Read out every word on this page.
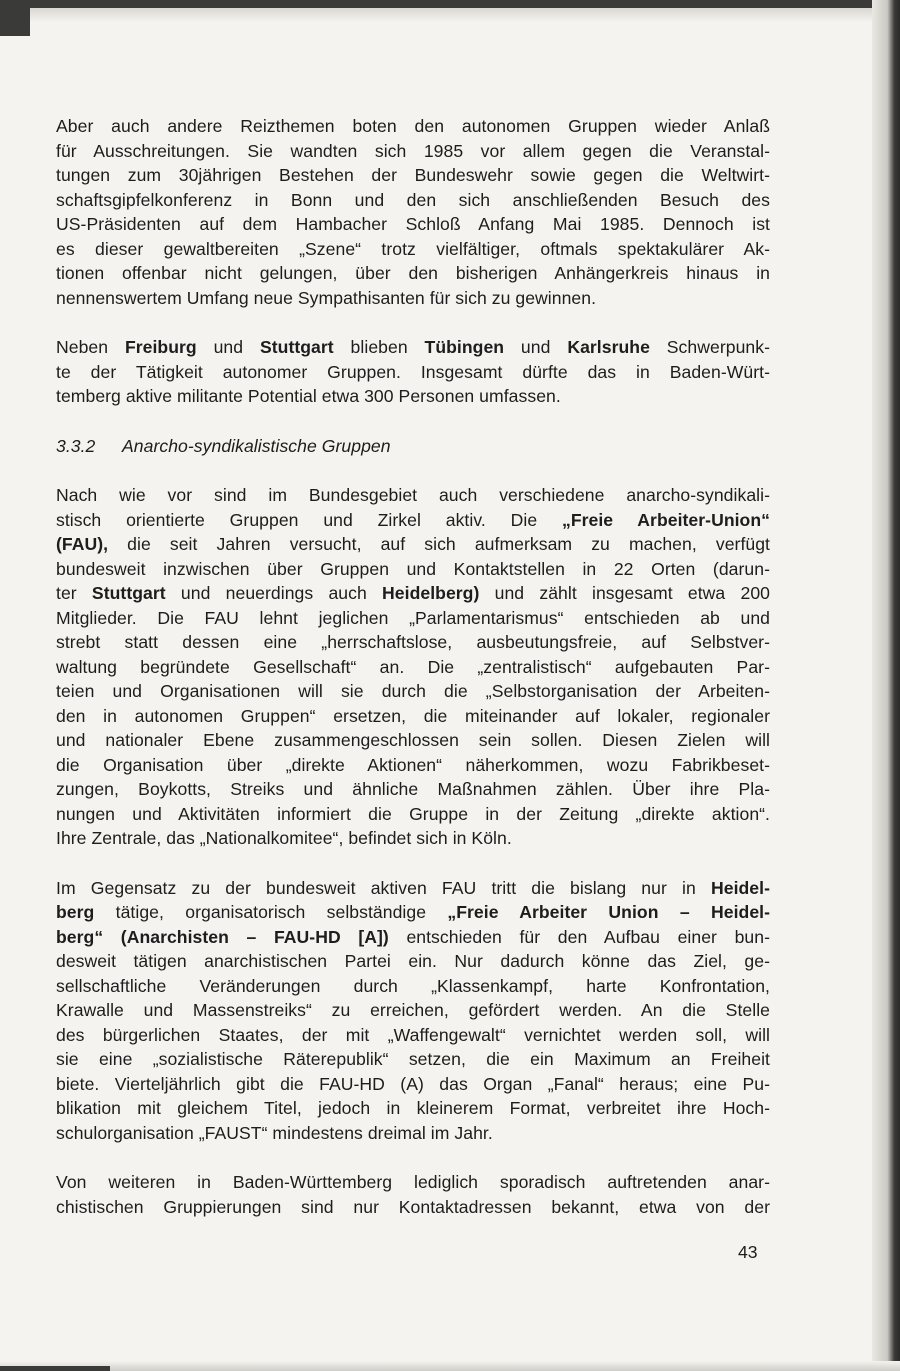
Aber auch andere Reizthemen boten den autonomen Gruppen wieder Anlaß
für Ausschreitungen. Sie wandten sich 1985 vor allem gegen die Veranstal-
tungen zum 30jährigen Bestehen der Bundeswehr sowie gegen die Weltwirt-
schaftsgipfelkonferenz in Bonn und den sich anschließenden Besuch des
US-Präsidenten auf dem Hambacher Schloß Anfang Mai 1985. Dennoch ist
es dieser gewaltbereiten „Szene“ trotz vielfältiger, oftmals spektakulärer Ak-
tionen offenbar nicht gelungen, über den bisherigen Anhängerkreis hinaus in
nennenswertem Umfang neue Sympathisanten für sich zu gewinnen.

Neben Freiburg und Stuttgart blieben Tübingen und Karlsruhe Schwerpunk-
te der Tätigkeit autonomer Gruppen. Insgesamt dürfte das in Baden-Würt-
temberg aktive militante Potential etwa 300 Personen umfassen.

3.3.2 Anarcho-syndikalistische Gruppen

Nach wie vor sind im Bundesgebiet auch verschiedene anarcho-syndikali-
stisch orientierte Gruppen und Zirkel aktiv. Die „Freie Arbeiter-Union“
(FAU), die seit Jahren versucht, auf sich aufmerksam zu machen, verfügt
bundesweit inzwischen über Gruppen und Kontaktstellen in 22 Orten (darun-
ter Stuttgart und neuerdings auch Heidelberg) und zählt insgesamt etwa 200
Mitglieder. Die FAU lehnt jeglichen „Parlamentarismus“ entschieden ab und
strebt statt dessen eine „herrschaftslose, ausbeutungsfreie, auf Selbstver-
waltung begründete Gesellschaft“ an. Die „zentralistisch“ aufgebauten Par-
teien und Organisationen will sie durch die „Selbstorganisation der Arbeiten-
den in autonomen Gruppen“ ersetzen, die miteinander auf lokaler, regionaler
und nationaler Ebene zusammengeschlossen sein sollen. Diesen Zielen will
die Organisation über „direkte Aktionen“ näherkommen, wozu Fabrikbeset-
zungen, Boykotts, Streiks und ähnliche Maßnahmen zählen. Über ihre Pla-
nungen und Aktivitäten informiert die Gruppe in der Zeitung „direkte aktion“.
Ihre Zentrale, das „Nationalkomitee“, befindet sich in Köln.

Im Gegensatz zu der bundesweit aktiven FAU tritt die bislang nur in Heidel-
berg tätige, organisatorisch selbständige „Freie Arbeiter Union – Heidel-
berg“ (Anarchisten – FAU-HD [A]) entschieden für den Aufbau einer bun-
desweit tätigen anarchistischen Partei ein. Nur dadurch könne das Ziel, ge-
sellschaftliche Veränderungen durch „Klassenkampf, harte Konfrontation,
Krawalle und Massenstreiks“ zu erreichen, gefördert werden. An die Stelle
des bürgerlichen Staates, der mit „Waffengewalt“ vernichtet werden soll, will
sie eine „sozialistische Räterepublik“ setzen, die ein Maximum an Freiheit
biete. Vierteljährlich gibt die FAU-HD (A) das Organ „Fanal“ heraus; eine Pu-
blikation mit gleichem Titel, jedoch in kleinerem Format, verbreitet ihre Hoch-
schulorganisation „FAUST“ mindestens dreimal im Jahr.

Von weiteren in Baden-Württemberg lediglich sporadisch auftretenden anar-
chistischen Gruppierungen sind nur Kontaktadressen bekannt, etwa von der

43
